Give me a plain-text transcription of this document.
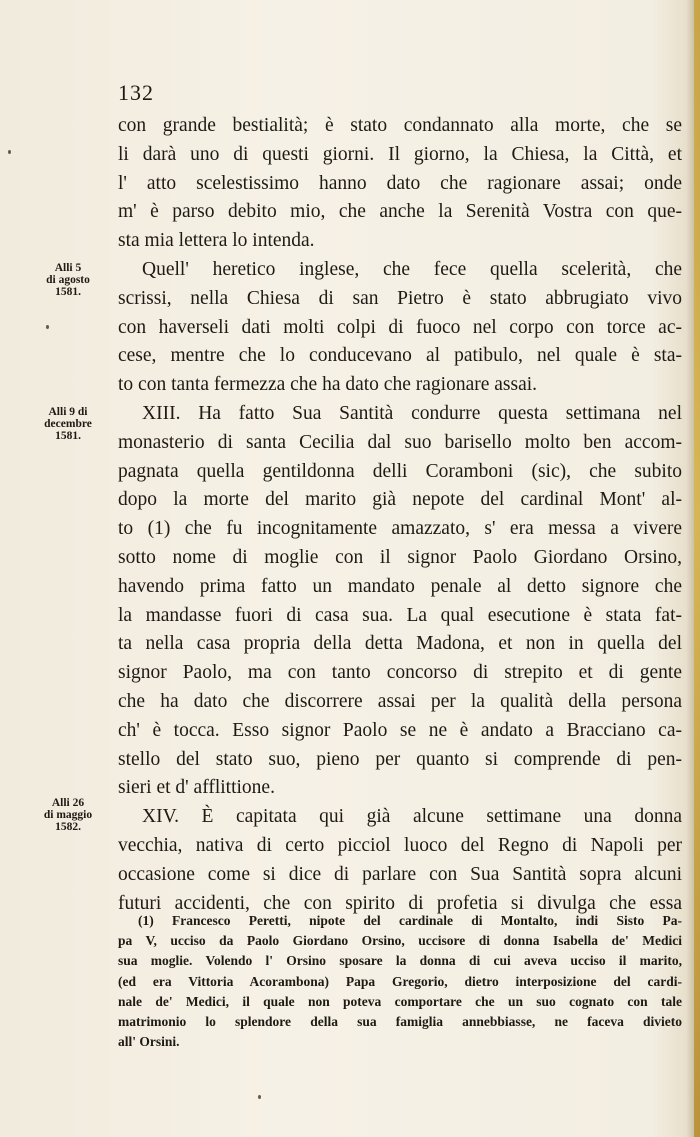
132
con grande bestialità; è stato condannato alla morte, che se
li darà uno di questi giorni. Il giorno, la Chiesa, la Città, et
l' atto scelestissimo hanno dato che ragionare assai; onde
m' è parso debito mio, che anche la Serenità Vostra con que-
sta mia lettera lo intenda.
Quell' heretico inglese, che fece quella scelerità, che
scrissi, nella Chiesa di san Pietro è stato abbrugiato vivo
con haverseli dati molti colpi di fuoco nel corpo con torce ac-
cese, mentre che lo conducevano al patibulo, nel quale è sta-
to con tanta fermezza che ha dato che ragionare assai.
XIII. Ha fatto Sua Santità condurre questa settimana nel
monasterio di santa Cecilia dal suo barisello molto ben accom-
pagnata quella gentildonna delli Coramboni (sic), che subito
dopo la morte del marito già nepote del cardinal Mont' al-
to (1) che fu incognitamente amazzato, s' era messa a vivere
sotto nome di moglie con il signor Paolo Giordano Orsino,
havendo prima fatto un mandato penale al detto signore che
la mandasse fuori di casa sua. La qual esecutione è stata fat-
ta nella casa propria della detta Madona, et non in quella del
signor Paolo, ma con tanto concorso di strepito et di gente
che ha dato che discorrere assai per la qualità della persona
ch' è tocca. Esso signor Paolo se ne è andato a Bracciano ca-
stello del stato suo, pieno per quanto si comprende di pen-
sieri et d' afflittione.
XIV. È capitata qui già alcune settimane una donna
vecchia, nativa di certo picciol luoco del Regno di Napoli per
occasione come si dice di parlare con Sua Santità sopra alcuni
futuri accidenti, che con spirito di profetia si divulga che essa
Alli 5
di agosto
1581.
Alli 9 di
decembre
1581.
Alli 26
di maggio
1582.
(1) Francesco Peretti, nipote del cardinale di Montalto, indi Sisto Pa-
pa V, ucciso da Paolo Giordano Orsino, uccisore di donna Isabella de' Medici
sua moglie. Volendo l' Orsino sposare la donna di cui aveva ucciso il marito,
(ed era Vittoria Acorambona) Papa Gregorio, dietro interposizione del cardi-
nale de' Medici, il quale non poteva comportare che un suo cognato con tale
matrimonio lo splendore della sua famiglia annebbiasse, ne faceva divieto
all' Orsini.
